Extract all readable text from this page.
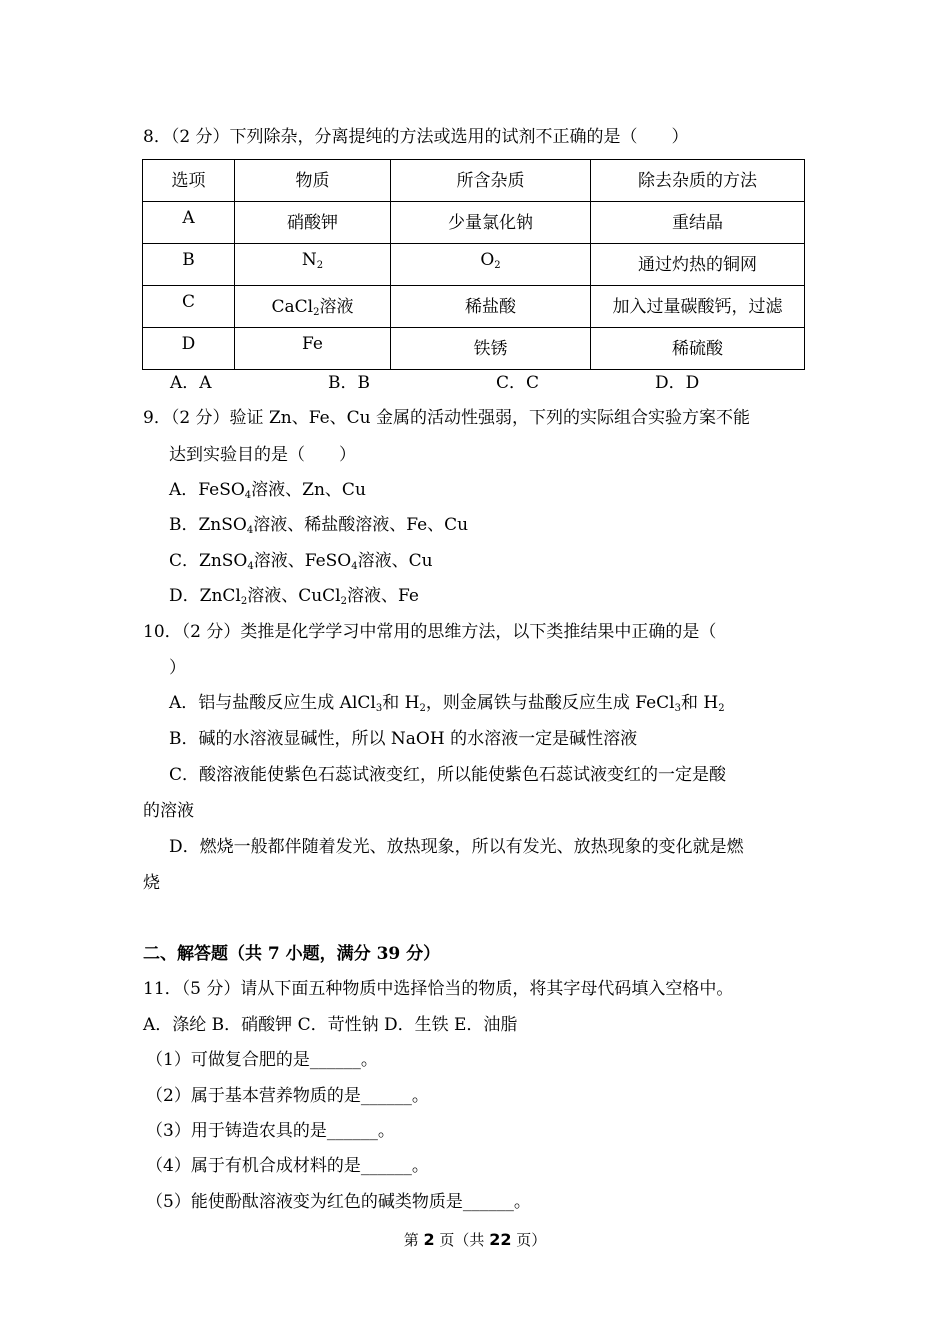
8．（2 分）下列除杂，分离提纯的方法或选用的试剂不正确的是（　　）
选项	物质	所含杂质	除去杂质的方法
A	硝酸钾	少量氯化钠	重结晶
B	$N_2$	$O_2$	通过灼热的铜网
C	CaCl$_2$溶液	稀盐酸	加入过量碳酸钙，过滤
D	Fe	铁锈	稀硫酸
A．A	B．B	C．C	D．D
9．（2 分）验证 Zn、Fe、Cu 金属的活动性强弱，下列的实际组合实验方案不能
达到实验目的是（　　）
A．FeSO$_4$溶液、Zn、Cu
B．ZnSO$_4$溶液、稀盐酸溶液、Fe、Cu
C．ZnSO$_4$溶液、FeSO$_4$溶液、Cu
D．ZnCl$_2$溶液、CuCl$_2$溶液、Fe
10．（2 分）类推是化学学习中常用的思维方法，以下类推结果中正确的是（
）
A．铝与盐酸反应生成 AlCl$_3$和 $H_2$，则金属铁与盐酸反应生成 FeCl$_3$和 $H_2$
B．碱的水溶液显碱性，所以 NaOH 的水溶液一定是碱性溶液
C．酸溶液能使紫色石蕊试液变红，所以能使紫色石蕊试液变红的一定是酸
的溶液
D．燃烧一般都伴随着发光、放热现象，所以有发光、放热现象的变化就是燃
烧
二、解答题（共 7 小题，满分 39 分）
11．（5 分）请从下面五种物质中选择恰当的物质，将其字母代码填入空格中。
A．涤纶 B．硝酸钾 C．苛性钠 D．生铁 E．油脂
（1）可做复合肥的是______。
（2）属于基本营养物质的是______。
（3）用于铸造农具的是______。
（4）属于有机合成材料的是______。
（5）能使酚酞溶液变为红色的碱类物质是______。
第 2 页（共 22 页）
